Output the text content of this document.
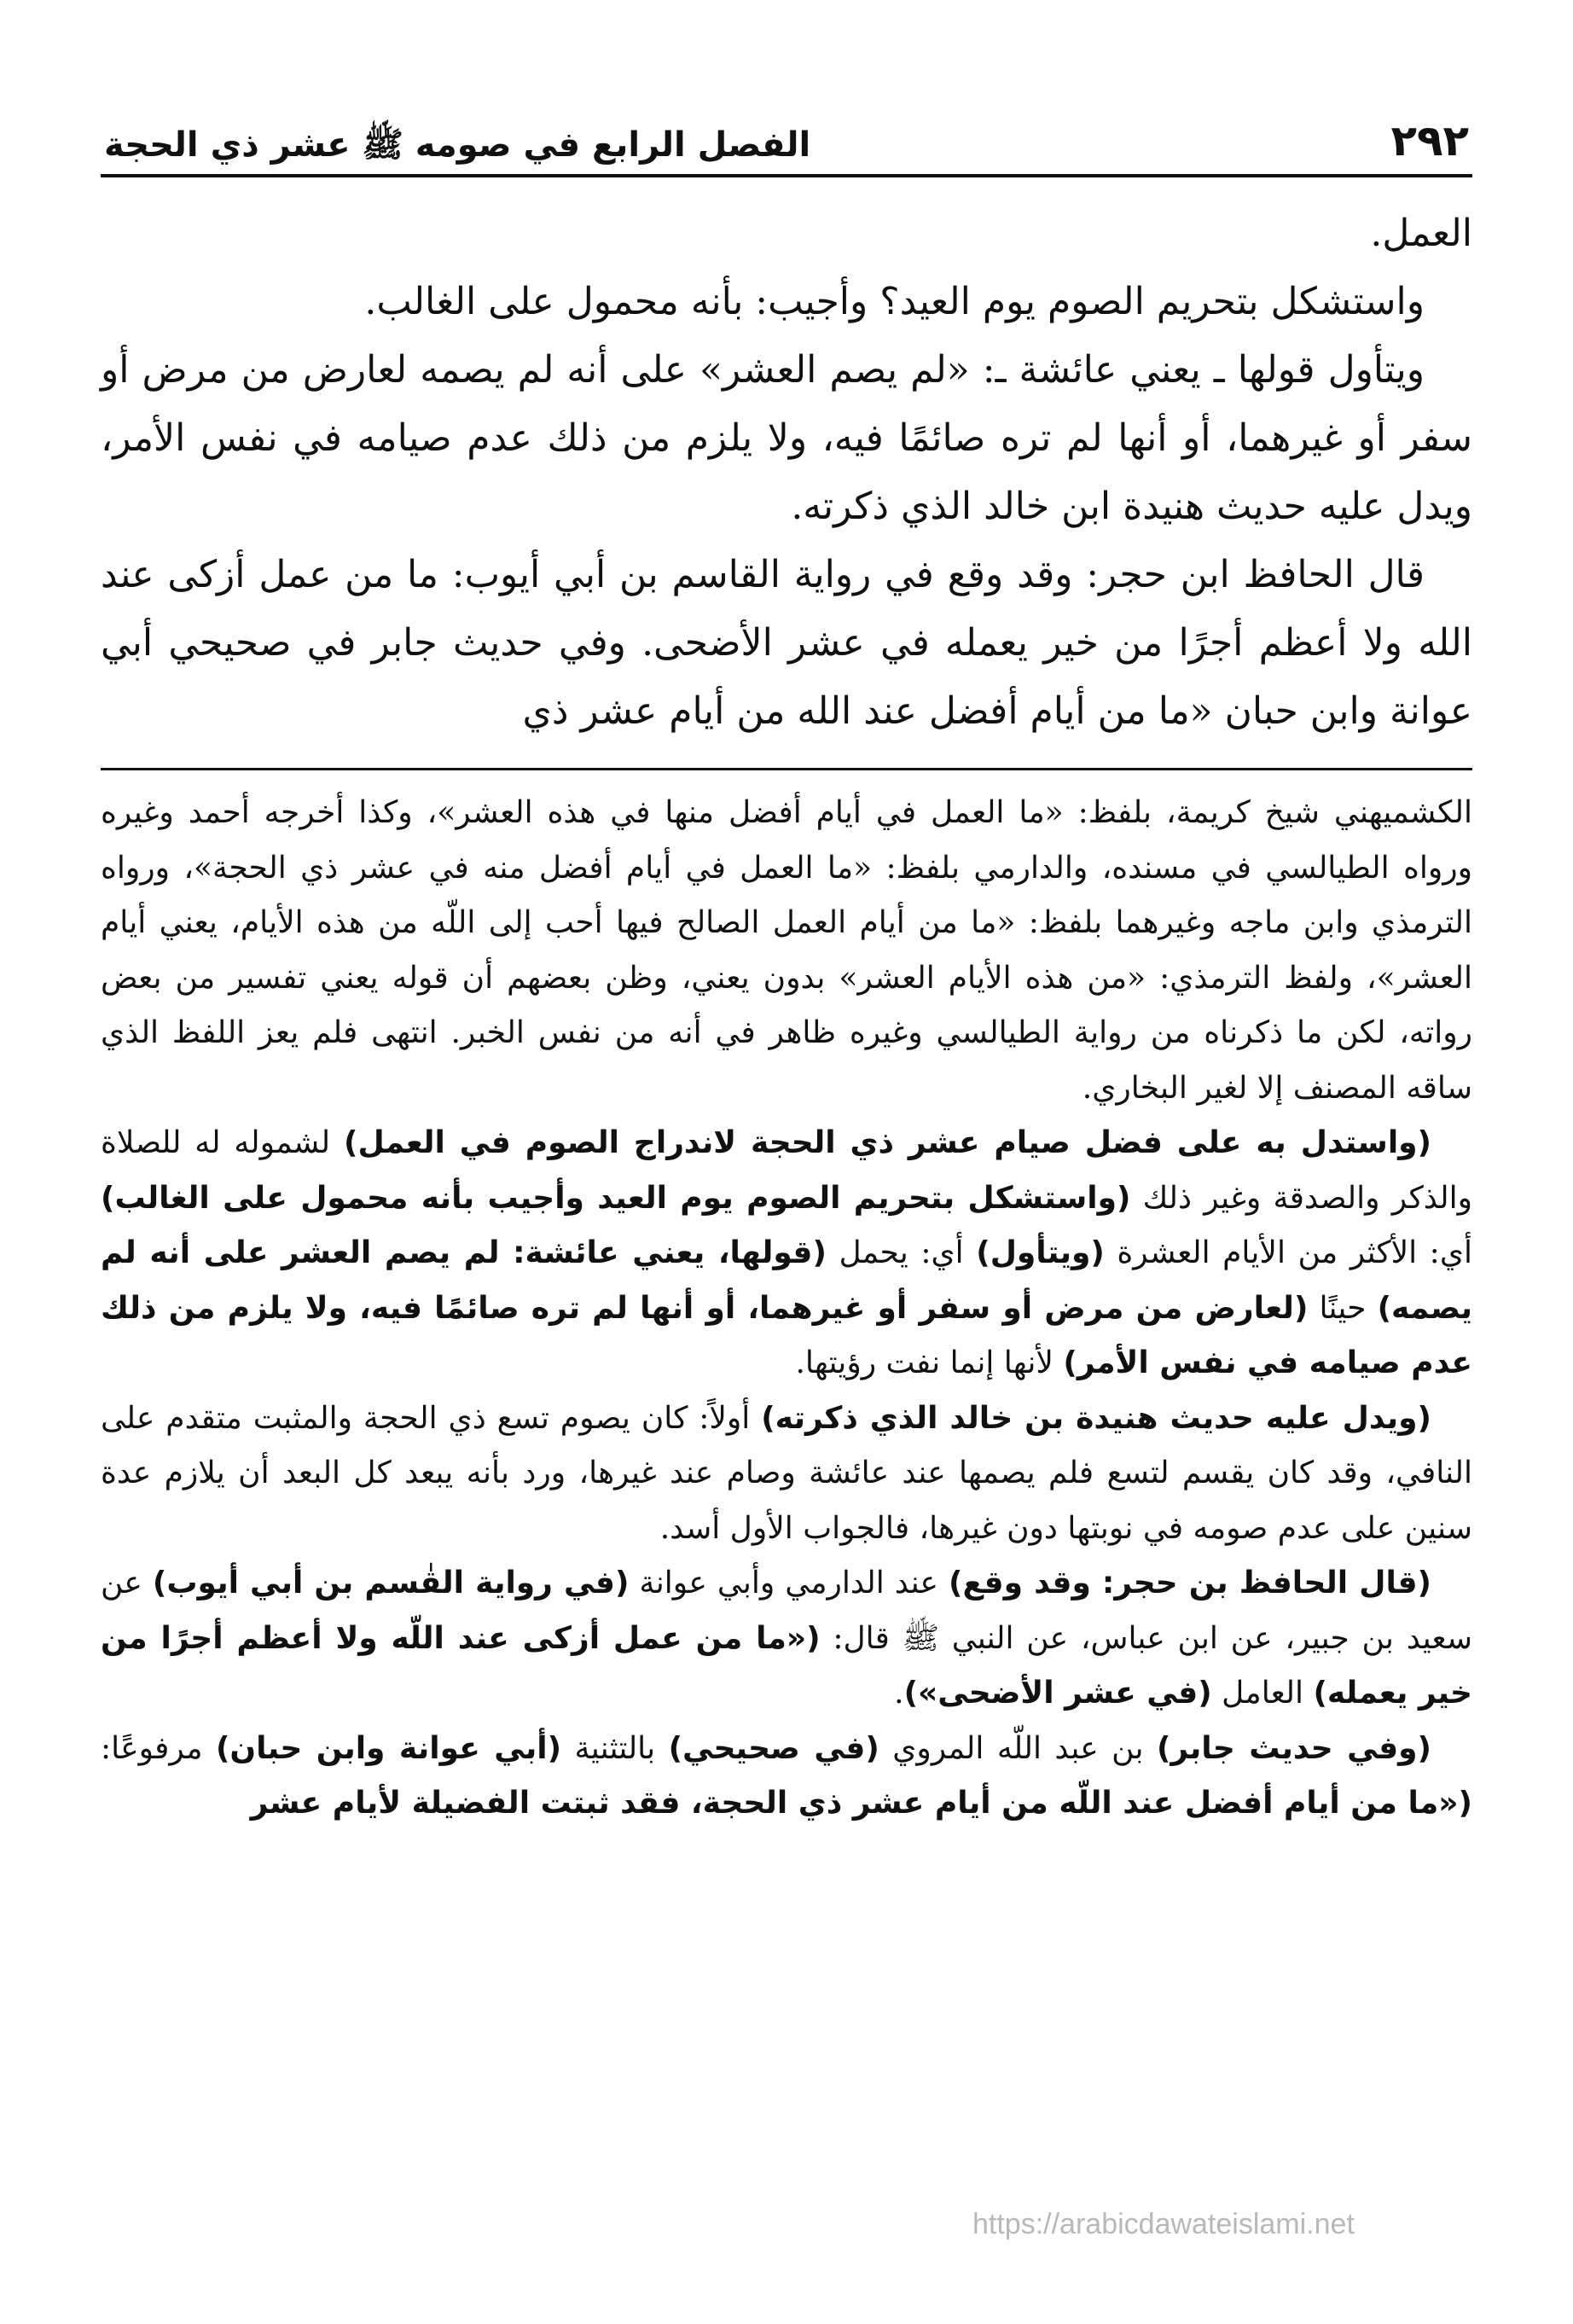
٢٩٢
الفصل الرابع في صومه ﷺ عشر ذي الحجة

العمل.

واستشكل بتحريم الصوم يوم العيد؟ وأجيب: بأنه محمول على الغالب.

ويتأول قولها ـ يعني عائشة ـ: «لم يصم العشر» على أنه لم يصمه لعارض من مرض أو سفر أو غيرهما، أو أنها لم تره صائمًا فيه، ولا يلزم من ذلك عدم صيامه في نفس الأمر، ويدل عليه حديث هنيدة ابن خالد الذي ذكرته.

قال الحافظ ابن حجر: وقد وقع في رواية القاسم بن أبي أيوب: ما من عمل أزكى عند الله ولا أعظم أجرًا من خير يعمله في عشر الأضحى. وفي حديث جابر في صحيحي أبي عوانة وابن حبان «ما من أيام أفضل عند الله من أيام عشر ذي

الكشميهني شيخ كريمة، بلفظ: «ما العمل في أيام أفضل منها في هذه العشر»، وكذا أخرجه أحمد وغيره ورواه الطيالسي في مسنده، والدارمي بلفظ: «ما العمل في أيام أفضل منه في عشر ذي الحجة»، ورواه الترمذي وابن ماجه وغيرهما بلفظ: «ما من أيام العمل الصالح فيها أحب إلى اللّه من هذه الأيام، يعني أيام العشر»، ولفظ الترمذي: «من هذه الأيام العشر» بدون يعني، وظن بعضهم أن قوله يعني تفسير من بعض رواته، لكن ما ذكرناه من رواية الطيالسي وغيره ظاهر في أنه من نفس الخبر. انتهى فلم يعز اللفظ الذي ساقه المصنف إلا لغير البخاري.

(واستدل به على فضل صيام عشر ذي الحجة لاندراج الصوم في العمل) لشموله له للصلاة والذكر والصدقة وغير ذلك (واستشكل بتحريم الصوم يوم العيد وأجيب بأنه محمول على الغالب) أي: الأكثر من الأيام العشرة (ويتأول) أي: يحمل (قولها، يعني عائشة: لم يصم العشر على أنه لم يصمه) حينًا (لعارض من مرض أو سفر أو غيرهما، أو أنها لم تره صائمًا فيه، ولا يلزم من ذلك عدم صيامه في نفس الأمر) لأنها إنما نفت رؤيتها.

(ويدل عليه حديث هنيدة بن خالد الذي ذكرته) أولاً: كان يصوم تسع ذي الحجة والمثبت متقدم على النافي، وقد كان يقسم لتسع فلم يصمها عند عائشة وصام عند غيرها، ورد بأنه يبعد كل البعد أن يلازم عدة سنين على عدم صومه في نوبتها دون غيرها، فالجواب الأول أسد.

(قال الحافظ بن حجر: وقد وقع) عند الدارمي وأبي عوانة (في رواية القٰسم بن أبي أيوب) عن سعيد بن جبير، عن ابن عباس، عن النبي ﷺ قال: («ما من عمل أزكى عند اللّه ولا أعظم أجرًا من خير يعمله) العامل (في عشر الأضحى»).

(وفي حديث جابر) بن عبد اللّه المروي (في صحيحي) بالتثنية (أبي عوانة وابن حبان) مرفوعًا: («ما من أيام أفضل عند اللّه من أيام عشر ذي الحجة، فقد ثبتت الفضيلة لأيام عشر

https://arabicdawateislami.net
